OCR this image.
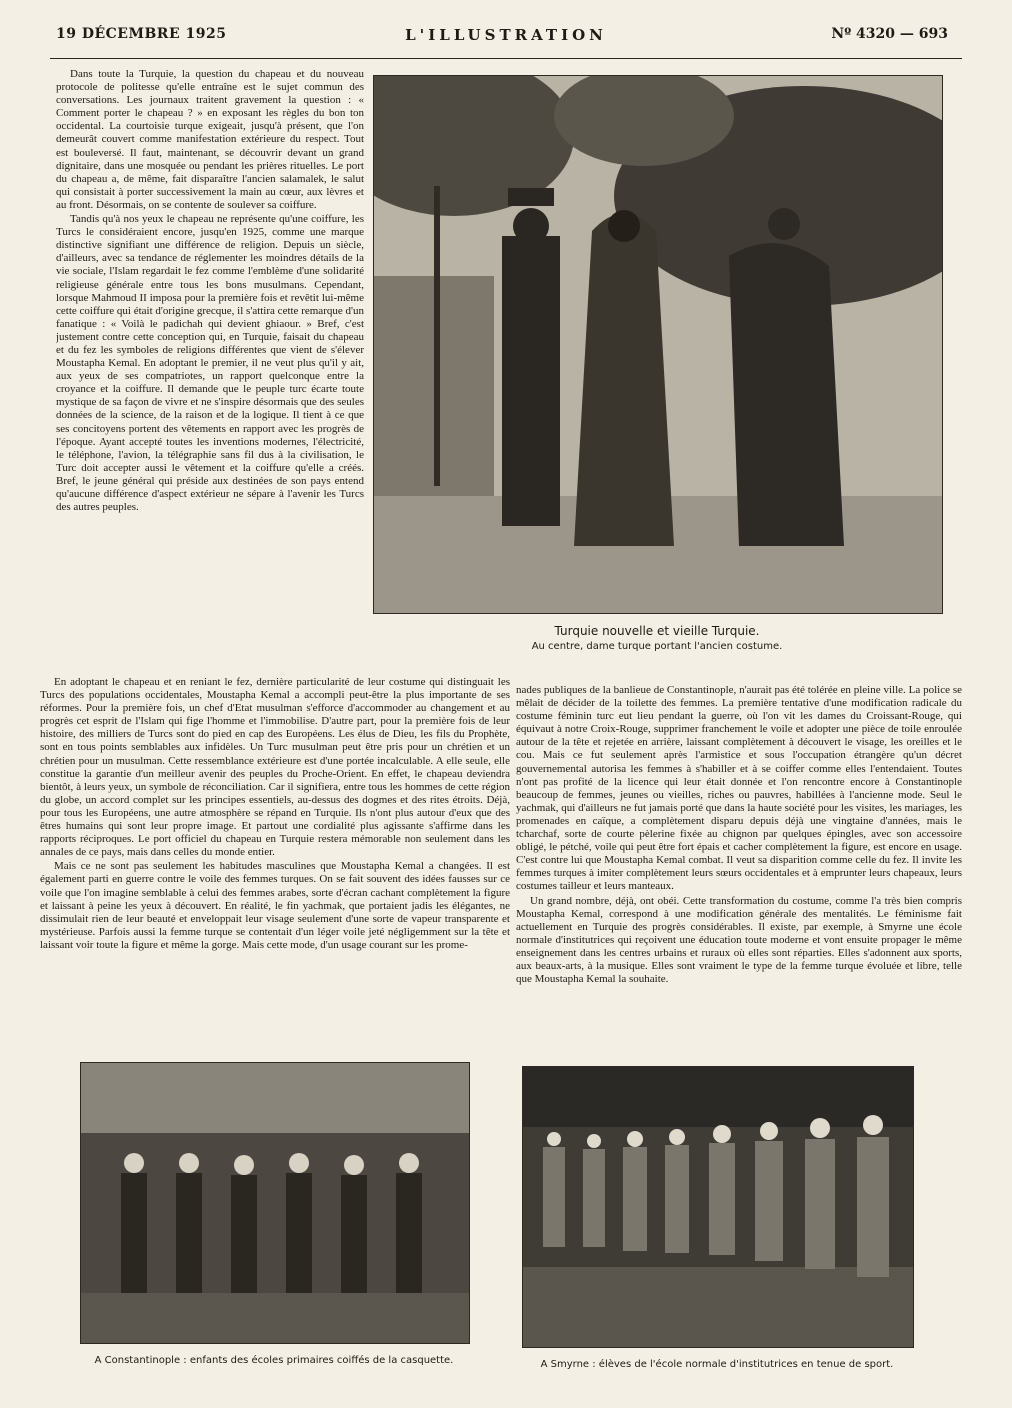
19 DÉCEMBRE 1925	L'ILLUSTRATION	Nº 4320 — 693

Dans toute la Turquie, la question du chapeau et du nouveau protocole de politesse qu'elle entraîne est le sujet commun des conversations. Les journaux traitent gravement la question : « Comment porter le chapeau ? » en exposant les règles du bon ton occidental. La courtoisie turque exigeait, jusqu'à présent, que l'on demeurât couvert comme manifestation extérieure du respect. Tout est bouleversé. Il faut, maintenant, se découvrir devant un grand dignitaire, dans une mosquée ou pendant les prières rituelles. Le port du chapeau a, de même, fait disparaître l'ancien salamalek, le salut qui consistait à porter successivement la main au cœur, aux lèvres et au front. Désormais, on se contente de soulever sa coiffure.

Tandis qu'à nos yeux le chapeau ne représente qu'une coiffure, les Turcs le considéraient encore, jusqu'en 1925, comme une marque distinctive signifiant une différence de religion. Depuis un siècle, d'ailleurs, avec sa tendance de réglementer les moindres détails de la vie sociale, l'Islam regardait le fez comme l'emblème d'une solidarité religieuse générale entre tous les bons musulmans. Cependant, lorsque Mahmoud II imposa pour la première fois et revêtit lui-même cette coiffure qui était d'origine grecque, il s'attira cette remarque d'un fanatique : « Voilà le padichah qui devient ghiaour. » Bref, c'est justement contre cette conception qui, en Turquie, faisait du chapeau et du fez les symboles de religions différentes que vient de s'élever Moustapha Kemal. En adoptant le premier, il ne veut plus qu'il y ait, aux yeux de ses compatriotes, un rapport quelconque entre la croyance et la coiffure. Il demande que le peuple turc écarte toute mystique de sa façon de vivre et ne s'inspire désormais que des seules données de la science, de la raison et de la logique. Il tient à ce que ses concitoyens portent des vêtements en rapport avec les progrès de l'époque. Ayant accepté toutes les inventions modernes, l'électricité, le téléphone, l'avion, la télégraphie sans fil dus à la civilisation, le Turc doit accepter aussi le vêtement et la coiffure qu'elle a créés. Bref, le jeune général qui préside aux destinées de son pays entend qu'aucune différence d'aspect extérieur ne sépare à l'avenir les Turcs des autres peuples.

Turquie nouvelle et vieille Turquie.
Au centre, dame turque portant l'ancien costume.

En adoptant le chapeau et en reniant le fez, dernière particularité de leur costume qui distinguait les Turcs des populations occidentales, Moustapha Kemal a accompli peut-être la plus importante de ses réformes. Pour la première fois, un chef d'Etat musulman s'efforce d'accommoder au changement et au progrès cet esprit de l'Islam qui fige l'homme et l'immobilise. D'autre part, pour la première fois de leur histoire, des milliers de Turcs sont do pied en cap des Européens. Les élus de Dieu, les fils du Prophète, sont en tous points semblables aux infidèles. Un Turc musulman peut être pris pour un chrétien et un chrétien pour un musulman. Cette ressemblance extérieure est d'une portée incalculable. A elle seule, elle constitue la garantie d'un meilleur avenir des peuples du Proche-Orient. En effet, le chapeau deviendra bientôt, à leurs yeux, un symbole de réconciliation. Car il signifiera, entre tous les hommes de cette région du globe, un accord complet sur les principes essentiels, au-dessus des dogmes et des rites étroits. Déjà, pour tous les Européens, une autre atmosphère se répand en Turquie. Ils n'ont plus autour d'eux que des êtres humains qui sont leur propre image. Et partout une cordialité plus agissante s'affirme dans les rapports réciproques. Le port officiel du chapeau en Turquie restera mémorable non seulement dans les annales de ce pays, mais dans celles du monde entier.

Mais ce ne sont pas seulement les habitudes masculines que Moustapha Kemal a changées. Il est également parti en guerre contre le voile des femmes turques. On se fait souvent des idées fausses sur ce voile que l'on imagine semblable à celui des femmes arabes, sorte d'écran cachant complètement la figure et laissant à peine les yeux à découvert. En réalité, le fin yachmak, que portaient jadis les élégantes, ne dissimulait rien de leur beauté et enveloppait leur visage seulement d'une sorte de vapeur transparente et mystérieuse. Parfois aussi la femme turque se contentait d'un léger voile jeté négligemment sur la tête et laissant voir toute la figure et même la gorge. Mais cette mode, d'un usage courant sur les prome-

nades publiques de la banlieue de Constantinople, n'aurait pas été tolérée en pleine ville. La police se mêlait de décider de la toilette des femmes. La première tentative d'une modification radicale du costume féminin turc eut lieu pendant la guerre, où l'on vit les dames du Croissant-Rouge, qui équivaut à notre Croix-Rouge, supprimer franchement le voile et adopter une pièce de toile enroulée autour de la tête et rejetée en arrière, laissant complètement à découvert le visage, les oreilles et le cou. Mais ce fut seulement après l'armistice et sous l'occupation étrangère qu'un décret gouvernemental autorisa les femmes à s'habiller et à se coiffer comme elles l'entendaient. Toutes n'ont pas profité de la licence qui leur était donnée et l'on rencontre encore à Constantinople beaucoup de femmes, jeunes ou vieilles, riches ou pauvres, habillées à l'ancienne mode. Seul le yachmak, qui d'ailleurs ne fut jamais porté que dans la haute société pour les visites, les mariages, les promenades en caïque, a complètement disparu depuis déjà une vingtaine d'années, mais le tcharchaf, sorte de courte pèlerine fixée au chignon par quelques épingles, avec son accessoire obligé, le pétché, voile qui peut être fort épais et cacher complètement la figure, est encore en usage. C'est contre lui que Moustapha Kemal combat. Il veut sa disparition comme celle du fez. Il invite les femmes turques à imiter complètement leurs sœurs occidentales et à emprunter leurs chapeaux, leurs costumes tailleur et leurs manteaux.

Un grand nombre, déjà, ont obéi. Cette transformation du costume, comme l'a très bien compris Moustapha Kemal, correspond à une modification générale des mentalités. Le féminisme fait actuellement en Turquie des progrès considérables. Il existe, par exemple, à Smyrne une école normale d'institutrices qui reçoivent une éducation toute moderne et vont ensuite propager le même enseignement dans les centres urbains et ruraux où elles sont réparties. Elles s'adonnent aux sports, aux beaux-arts, à la musique. Elles sont vraiment le type de la femme turque évoluée et libre, telle que Moustapha Kemal la souhaite.

A Constantinople : enfants des écoles primaires coiffés de la casquette.	A Smyrne : élèves de l'école normale d'institutrices en tenue de sport.
